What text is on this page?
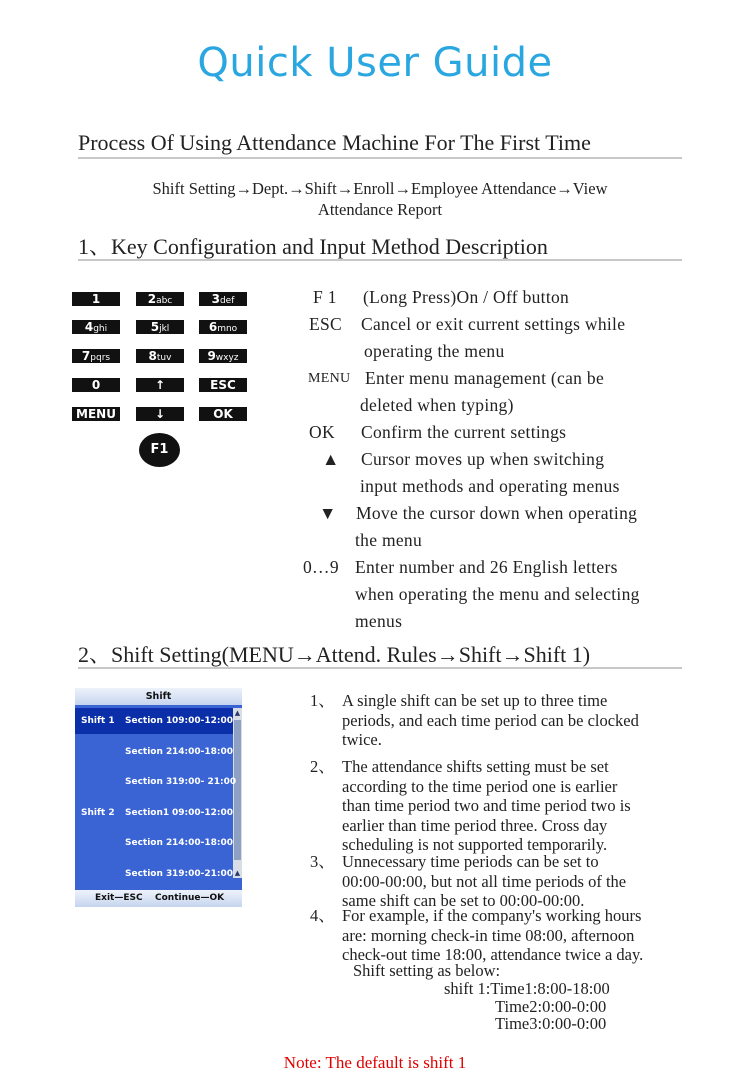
Quick User Guide
Process Of Using Attendance Machine For The First Time
Shift Setting→Dept.→Shift→Enroll→Employee Attendance→View
Attendance Report
1、Key Configuration and Input Method Description
1	2abc	3def
4ghi	5jkl	6mno
7pqrs	8tuv	9wxyz
0	↑	ESC
MENU	↓	OK
F1
F 1 (Long Press)On / Off button
ESC Cancel or exit current settings while
operating the menu
MENU Enter menu management (can be
deleted when typing)
OK Confirm the current settings
▲ Cursor moves up when switching
input methods and operating menus
▼ Move the cursor down when operating
the menu
0…9 Enter number and 26 English letters
when operating the menu and selecting
menus
2、Shift Setting(MENU→Attend. Rules→Shift→Shift 1)
Shift
▲
▲
Shift 1 Section 1 09:00-12:00
Section 2 14:00-18:00
Section 3 19:00- 21:00
Shift 2 Section1 09:00-12:00
Section 2 14:00-18:00
Section 3 19:00-21:00
Exit—ESC Continue—OK
1、 A single shift can be set up to three time
periods, and each time period can be clocked
twice.
2、 The attendance shifts setting must be set
according to the time period one is earlier
than time period two and time period two is
earlier than time period three. Cross day
scheduling is not supported temporarily.
3、 Unnecessary time periods can be set to
00:00-00:00, but not all time periods of the
same shift can be set to 00:00-00:00.
4、 For example, if the company's working hours
are: morning check-in time 08:00, afternoon
check-out time 18:00, attendance twice a day.
Shift setting as below:
shift 1:Time1:8:00-18:00
Time2:0:00-0:00
Time3:0:00-0:00
Note: The default is shift 1
